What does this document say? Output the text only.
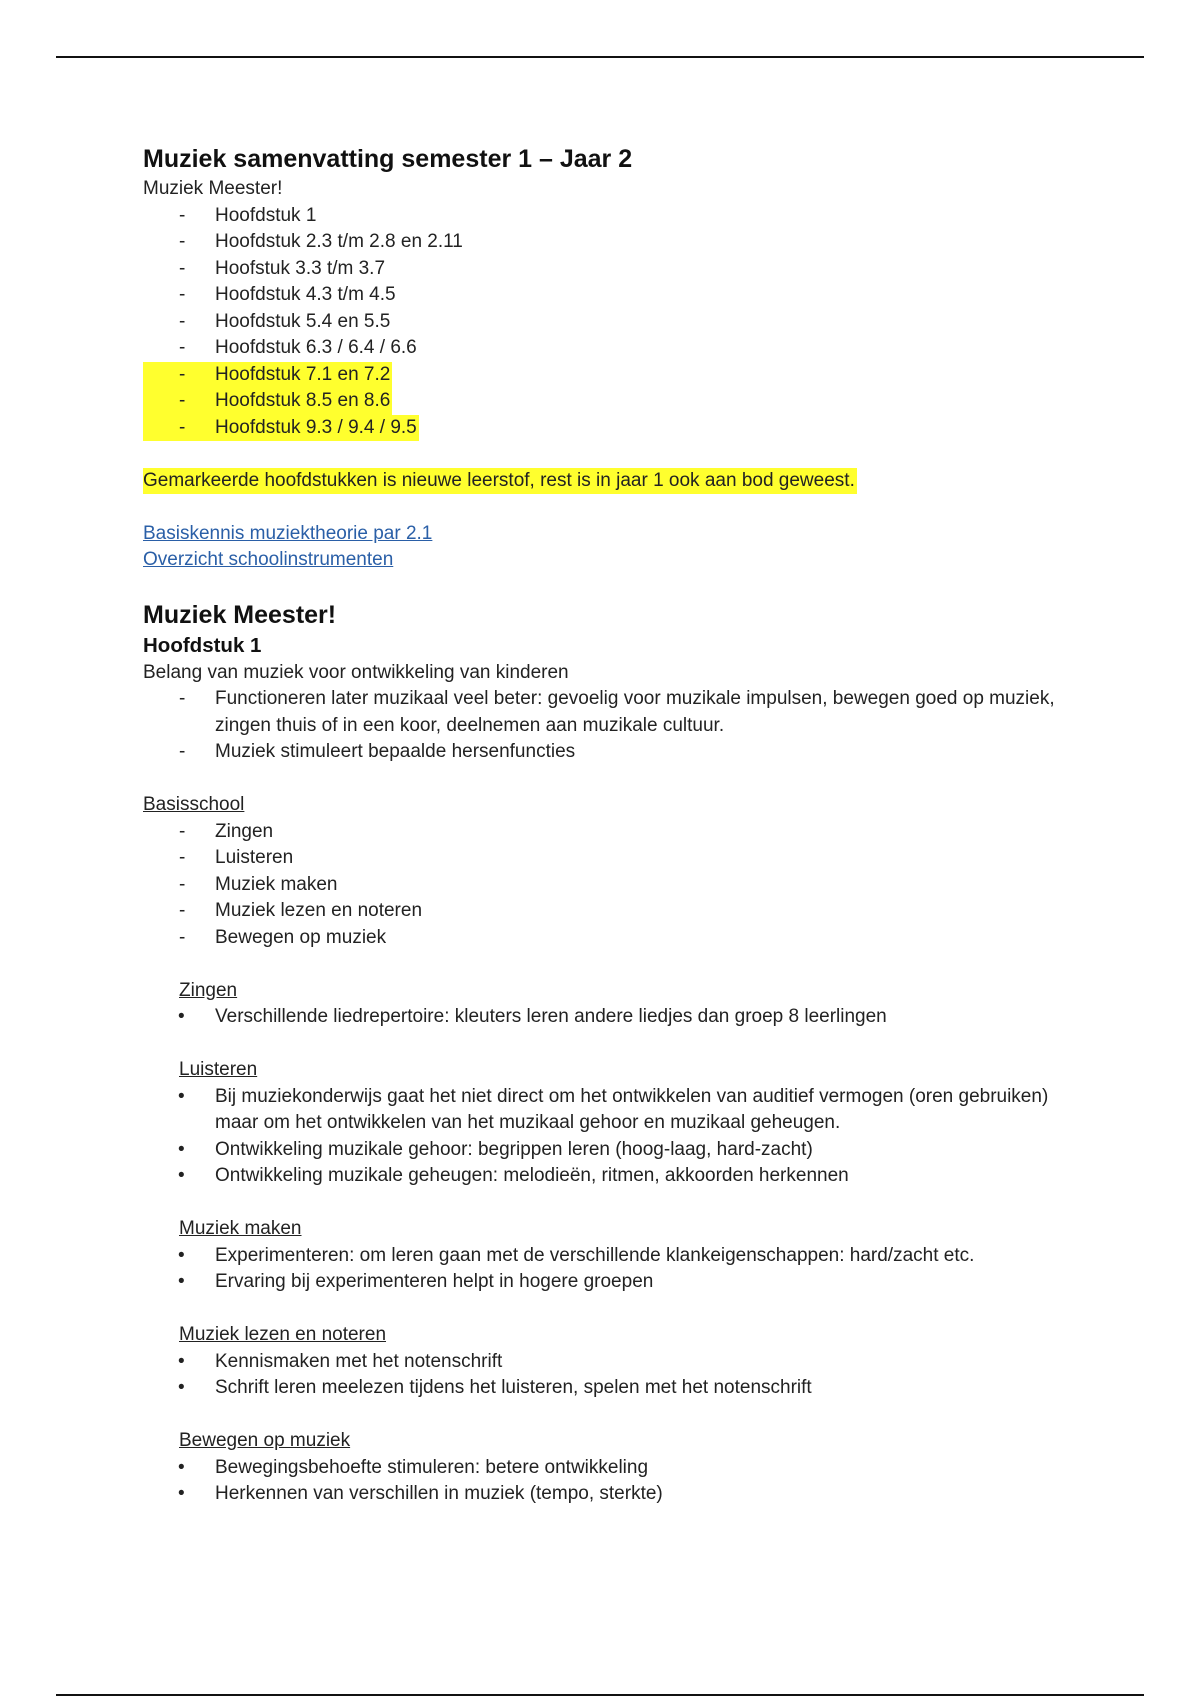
Muziek samenvatting semester 1 – Jaar 2

Muziek Meester!

- Hoofdstuk 1
- Hoofdstuk 2.3 t/m 2.8 en 2.11
- Hoofstuk 3.3 t/m 3.7
- Hoofdstuk 4.3 t/m 4.5
- Hoofdstuk 5.4 en 5.5
- Hoofdstuk 6.3 / 6.4 / 6.6
- Hoofdstuk 7.1 en 7.2
- Hoofdstuk 8.5 en 8.6
- Hoofdstuk 9.3 / 9.4 / 9.5

Gemarkeerde hoofdstukken is nieuwe leerstof, rest is in jaar 1 ook aan bod geweest.

Basiskennis muziektheorie par 2.1

Overzicht schoolinstrumenten

Muziek Meester!

Hoofdstuk 1

Belang van muziek voor ontwikkeling van kinderen

- Functioneren later muzikaal veel beter: gevoelig voor muzikale impulsen, bewegen goed op muziek, zingen thuis of in een koor, deelnemen aan muzikale cultuur.
- Muziek stimuleert bepaalde hersenfuncties

Basisschool

- Zingen
- Luisteren
- Muziek maken
- Muziek lezen en noteren
- Bewegen op muziek

Zingen

• Verschillende liedrepertoire: kleuters leren andere liedjes dan groep 8 leerlingen

Luisteren

• Bij muziekonderwijs gaat het niet direct om het ontwikkelen van auditief vermogen (oren gebruiken) maar om het ontwikkelen van het muzikaal gehoor en muzikaal geheugen.
• Ontwikkeling muzikale gehoor: begrippen leren (hoog-laag, hard-zacht)
• Ontwikkeling muzikale geheugen: melodieën, ritmen, akkoorden herkennen

Muziek maken

• Experimenteren: om leren gaan met de verschillende klankeigenschappen: hard/zacht etc.
• Ervaring bij experimenteren helpt in hogere groepen

Muziek lezen en noteren

• Kennismaken met het notenschrift
• Schrift leren meelezen tijdens het luisteren, spelen met het notenschrift

Bewegen op muziek

• Bewegingsbehoefte stimuleren: betere ontwikkeling
• Herkennen van verschillen in muziek (tempo, sterkte)
